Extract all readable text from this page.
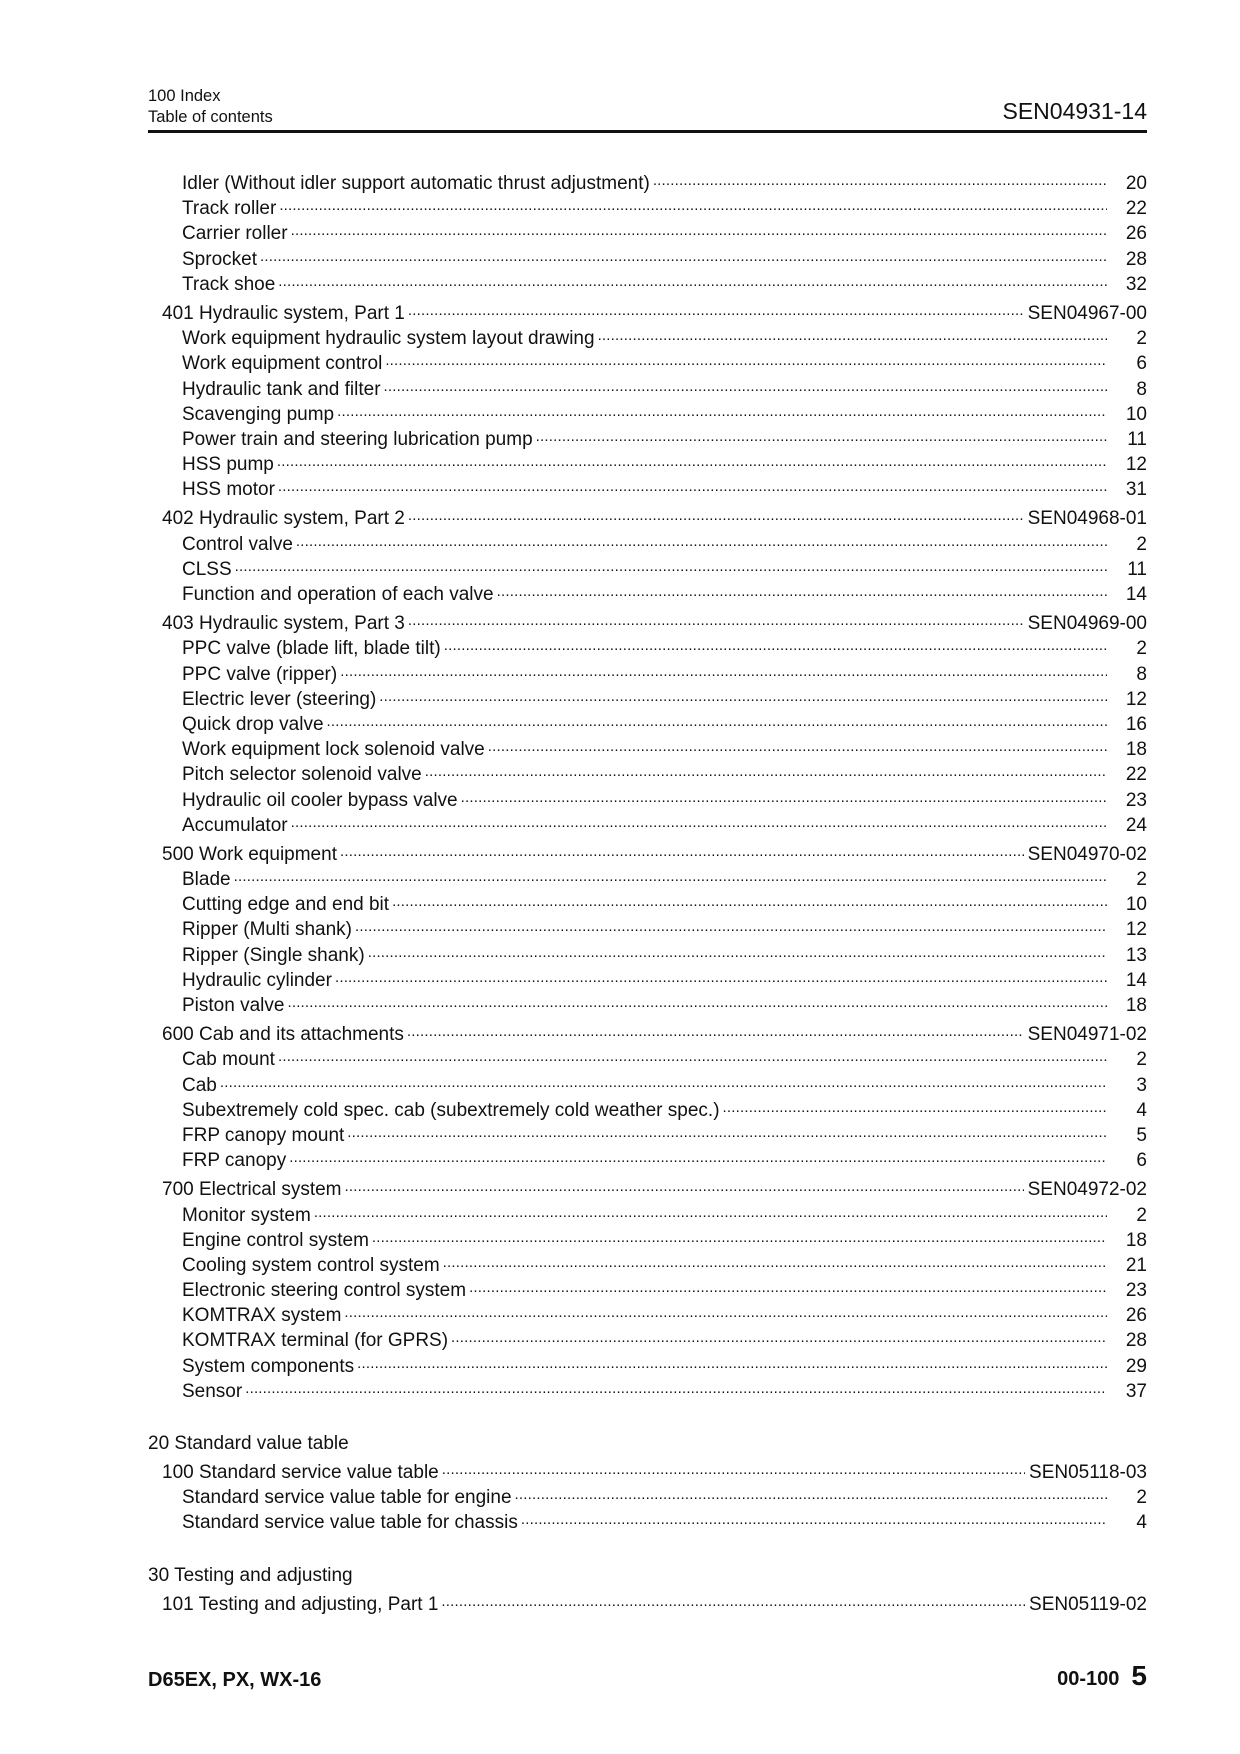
100 Index
Table of contents	SEN04931-14
Idler (Without idler support automatic thrust adjustment) .....	20
Track roller .....	22
Carrier roller .....	26
Sprocket .....	28
Track shoe .....	32
401 Hydraulic system, Part 1 .....	SEN04967-00
Work equipment hydraulic system layout drawing .....	2
Work equipment control .....	6
Hydraulic tank and filter .....	8
Scavenging pump .....	10
Power train and steering lubrication pump .....	11
HSS pump .....	12
HSS motor .....	31
402 Hydraulic system, Part 2 .....	SEN04968-01
Control valve .....	2
CLSS .....	11
Function and operation of each valve .....	14
403 Hydraulic system, Part 3 .....	SEN04969-00
PPC valve (blade lift, blade tilt) .....	2
PPC valve (ripper) .....	8
Electric lever (steering) .....	12
Quick drop valve .....	16
Work equipment lock solenoid valve .....	18
Pitch selector solenoid valve .....	22
Hydraulic oil cooler bypass valve .....	23
Accumulator .....	24
500 Work equipment .....	SEN04970-02
Blade .....	2
Cutting edge and end bit .....	10
Ripper (Multi shank) .....	12
Ripper (Single shank) .....	13
Hydraulic cylinder .....	14
Piston valve .....	18
600 Cab and its attachments .....	SEN04971-02
Cab mount .....	2
Cab .....	3
Subextremely cold spec. cab (subextremely cold weather spec.) .....	4
FRP canopy mount .....	5
FRP canopy .....	6
700 Electrical system .....	SEN04972-02
Monitor system .....	2
Engine control system .....	18
Cooling system control system .....	21
Electronic steering control system .....	23
KOMTRAX system .....	26
KOMTRAX terminal (for GPRS) .....	28
System components .....	29
Sensor .....	37
20 Standard value table
100 Standard service value table .....	SEN05118-03
Standard service value table for engine .....	2
Standard service value table for chassis .....	4
30 Testing and adjusting
101 Testing and adjusting, Part 1 .....	SEN05119-02
D65EX, PX, WX-16	00-100 5
